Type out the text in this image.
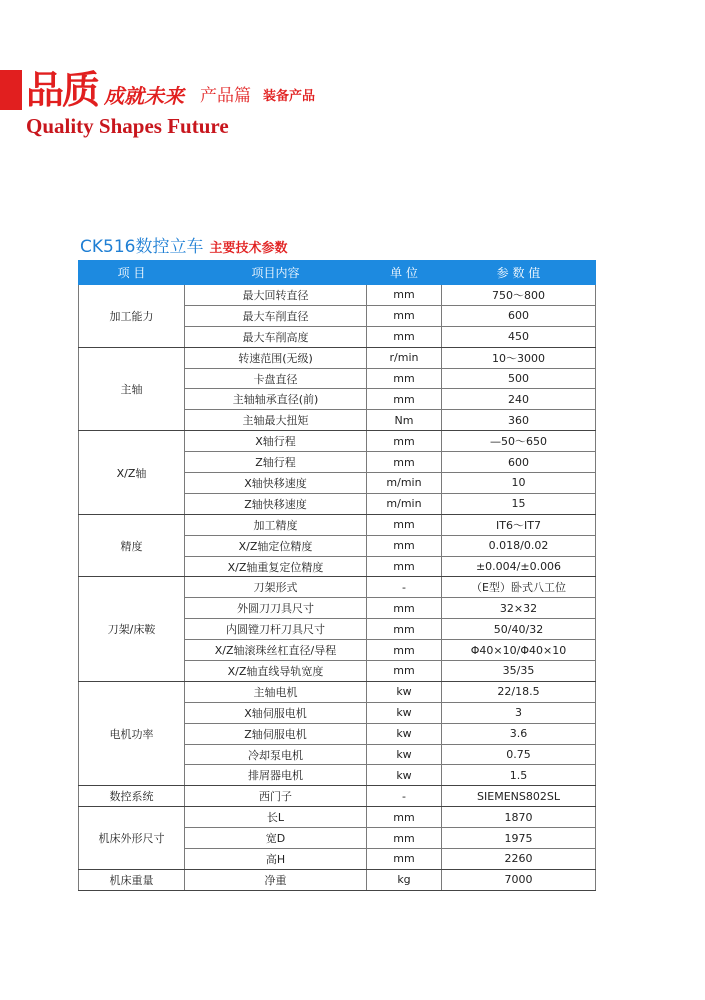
品质 成就未来 产品篇 装备产品
Quality Shapes Future
CK516数控立车 主要技术参数
项 目	项目内容	单 位	参 数 值
加工能力	最大回转直径	mm	750～800
	最大车削直径	mm	600
	最大车削高度	mm	450
主轴	转速范围(无级)	r/min	10～3000
	卡盘直径	mm	500
	主轴轴承直径(前)	mm	240
	主轴最大扭矩	Nm	360
X/Z轴	X轴行程	mm	—50～650
	Z轴行程	mm	600
	X轴快移速度	m/min	10
	Z轴快移速度	m/min	15
精度	加工精度	mm	IT6～IT7
	X/Z轴定位精度	mm	0.018/0.02
	X/Z轴重复定位精度	mm	±0.004/±0.006
刀架/床鞍	刀架形式	-	（E型）卧式八工位
	外圆刀刀具尺寸	mm	32×32
	内圆镗刀杆刀具尺寸	mm	50/40/32
	X/Z轴滚珠丝杠直径/导程	mm	Φ40×10/Φ40×10
	X/Z轴直线导轨宽度	mm	35/35
电机功率	主轴电机	kw	22/18.5
	X轴伺服电机	kw	3
	Z轴伺服电机	kw	3.6
	冷却泵电机	kw	0.75
	排屑器电机	kw	1.5
数控系统	西门子	-	SIEMENS802SL
机床外形尺寸	长L	mm	1870
	宽D	mm	1975
	高H	mm	2260
机床重量	净重	kg	7000
